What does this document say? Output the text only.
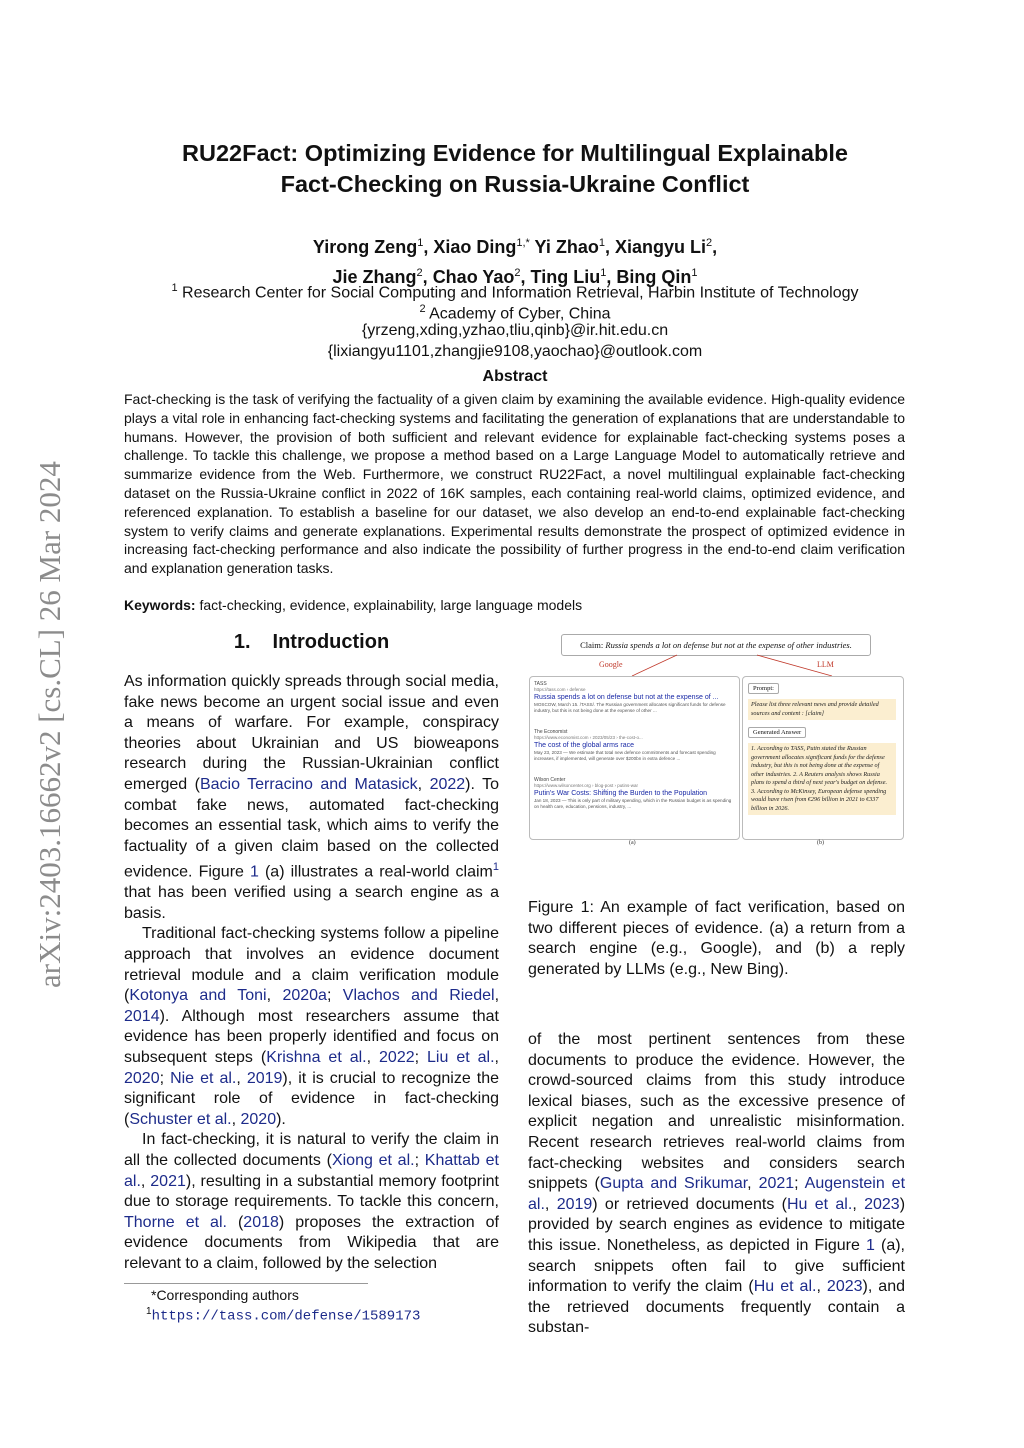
arXiv:2403.16662v2 [cs.CL] 26 Mar 2024
RU22Fact: Optimizing Evidence for Multilingual Explainable
Fact-Checking on Russia-Ukraine Conflict
Yirong Zeng$^1$, Xiao Ding$^{1,*}$ Yi Zhao$^1$, Xiangyu Li$^2$,
Jie Zhang$^2$, Chao Yao$^2$, Ting Liu$^1$, Bing Qin$^1$
$^1$ Research Center for Social Computing and Information Retrieval, Harbin Institute of Technology
$^2$ Academy of Cyber, China
{yrzeng,xding,yzhao,tliu,qinb}@ir.hit.edu.cn
{lixiangyu1101,zhangjie9108,yaochao}@outlook.com
Abstract
Fact-checking is the task of verifying the factuality of a given claim by examining the available evidence. High-quality evidence plays a vital role in enhancing fact-checking systems and facilitating the generation of explanations that are understandable to humans. However, the provision of both sufficient and relevant evidence for explainable fact-checking systems poses a challenge. To tackle this challenge, we propose a method based on a Large Language Model to automatically retrieve and summarize evidence from the Web. Furthermore, we construct RU22Fact, a novel multilingual explainable fact-checking dataset on the Russia-Ukraine conflict in 2022 of 16K samples, each containing real-world claims, optimized evidence, and referenced explanation. To establish a baseline for our dataset, we also develop an end-to-end explainable fact-checking system to verify claims and generate explanations. Experimental results demonstrate the prospect of optimized evidence in increasing fact-checking performance and also indicate the possibility of further progress in the end-to-end claim verification and explanation generation tasks.
Keywords: fact-checking, evidence, explainability, large language models
1. Introduction

As information quickly spreads through social media, fake news become an urgent social issue and even a means of warfare. For example, conspiracy theories about Ukrainian and US bioweapons research during the Russian-Ukrainian conflict emerged (Bacio Terracino and Matasick, 2022). To combat fake news, automated fact-checking becomes an essential task, which aims to verify the factuality of a given claim based on the collected evidence. Figure 1 (a) illustrates a real-world claim$^1$ that has been verified using a search engine as a basis.

Traditional fact-checking systems follow a pipeline approach that involves an evidence document retrieval module and a claim verification module (Kotonya and Toni, 2020a; Vlachos and Riedel, 2014). Although most researchers assume that evidence has been properly identified and focus on subsequent steps (Krishna et al., 2022; Liu et al., 2020; Nie et al., 2019), it is crucial to recognize the significant role of evidence in fact-checking (Schuster et al., 2020).

In fact-checking, it is natural to verify the claim in all the collected documents (Xiong et al.; Khattab et al., 2021), resulting in a substantial memory footprint due to storage requirements. To tackle this concern, Thorne et al. (2018) proposes the extraction of evidence documents from Wikipedia that are relevant to a claim, followed by the selection

*Corresponding authors
$^1$https://tass.com/defense/1589173
Claim: Russia spends a lot on defense but not at the expense of other industries.
Google	LLM
TASS
https://tass.com › defense
Russia spends a lot on defense but not at the expense of ...
MOSCOW, March 15. /TASS/. The Russian government allocates significant funds for defense industry, but this is not being done at the expense of other ...
The Economist
https://www.economist.com › 2023/05/23 › the-cost-o...
The cost of the global arms race
May 23, 2023 — We estimate that total new defence commitments and forecast spending increases, if implemented, will generate over $200bn in extra defence ...
Wilson Center
https://www.wilsoncenter.org › blog-post › putins-war
Putin's War Costs: Shifting the Burden to the Population
Jan 18, 2023 — This is only part of military spending, which in the Russian budget is as spending on health care, education, pensions, industry, ...
Prompt:
Please list three relevant news and provide detailed sources and content : [claim]
Generated Answer
1. According to TASS, Putin stated the Russian government allocates significant funds for the defense industry, but this is not being done at the expense of other industries. 2. A Reuters analysis shows Russia plans to spend a third of next year's budget on defense. 3. According to McKinsey, European defense spending would have risen from €296 billion in 2021 to €337 billion in 2026.
(a)	(b)
Figure 1: An example of fact verification, based on two different pieces of evidence. (a) a return from a search engine (e.g., Google), and (b) a reply generated by LLMs (e.g., New Bing).

of the most pertinent sentences from these documents to produce the evidence. However, the crowd-sourced claims from this study introduce lexical biases, such as the excessive presence of explicit negation and unrealistic misinformation. Recent research retrieves real-world claims from fact-checking websites and considers search snippets (Gupta and Srikumar, 2021; Augenstein et al., 2019) or retrieved documents (Hu et al., 2023) provided by search engines as evidence to mitigate this issue. Nonetheless, as depicted in Figure 1 (a), search snippets often fail to give sufficient information to verify the claim (Hu et al., 2023), and the retrieved documents frequently contain a substan-
